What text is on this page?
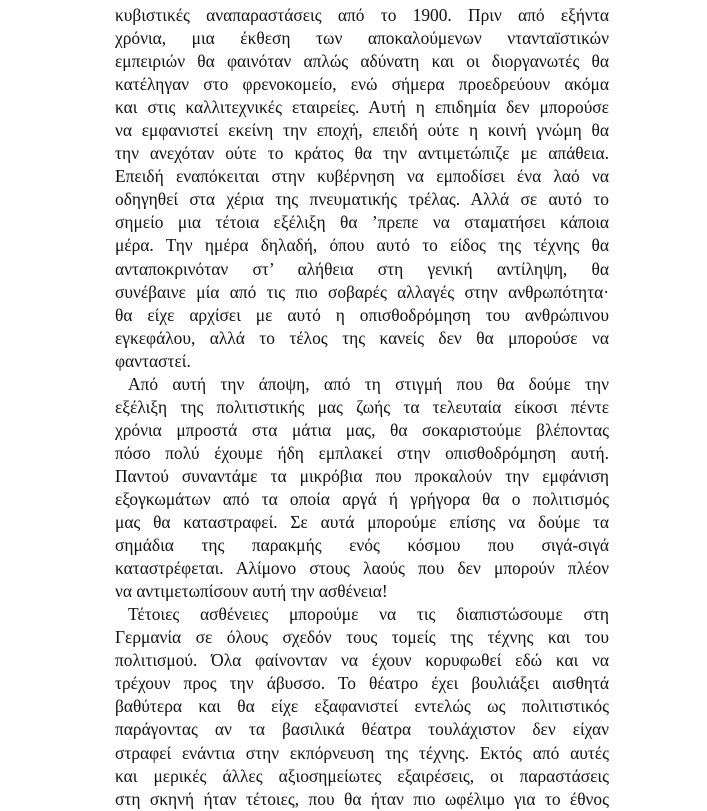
κυβιστικές αναπαραστάσεις από το 1900. Πριν από εξήντα
χρόνια, μια έκθεση των αποκαλούμενων ντανταïστικών
εμπειριών θα φαινόταν απλώς αδύνατη και οι διοργανωτές θα
κατέληγαν στο φρενοκομείο, ενώ σήμερα προεδρεύουν ακόμα
και στις καλλιτεχνικές εταιρείες. Αυτή η επιδημία δεν μπορούσε
να εμφανιστεί εκείνη την εποχή, επειδή ούτε η κοινή γνώμη θα
την ανεχόταν ούτε το κράτος θα την αντιμετώπιζε με απάθεια.
Επειδή εναπόκειται στην κυβέρνηση να εμποδίσει ένα λαό να
οδηγηθεί στα χέρια της πνευματικής τρέλας. Αλλά σε αυτό το
σημείο μια τέτοια εξέλιξη θα ’πρεπε να σταματήσει κάποια
μέρα. Την ημέρα δηλαδή, όπου αυτό το είδος της τέχνης θα
ανταποκρινόταν στ’ αλήθεια στη γενική αντίληψη, θα
συνέβαινε μία από τις πιο σοβαρές αλλαγές στην ανθρωπότητα·
θα είχε αρχίσει με αυτό η οπισθοδρόμηση του ανθρώπινου
εγκεφάλου, αλλά το τέλος της κανείς δεν θα μπορούσε να
φανταστεί.
Από αυτή την άποψη, από τη στιγμή που θα δούμε την
εξέλιξη της πολιτιστικής μας ζωής τα τελευταία είκοσι πέντε
χρόνια μπροστά στα μάτια μας, θα σοκαριστούμε βλέποντας
πόσο πολύ έχουμε ήδη εμπλακεί στην οπισθοδρόμηση αυτή.
Παντού συναντάμε τα μικρόβια που προκαλούν την εμφάνιση
εξογκωμάτων από τα οποία αργά ή γρήγορα θα ο πολιτισμός
μας θα καταστραφεί. Σε αυτά μπορούμε επίσης να δούμε τα
σημάδια της παρακμής ενός κόσμου που σιγά-σιγά
καταστρέφεται. Αλίμονο στους λαούς που δεν μπορούν πλέον
να αντιμετωπίσουν αυτή την ασθένεια!
Τέτοιες ασθένειες μπορούμε να τις διαπιστώσουμε στη
Γερμανία σε όλους σχεδόν τους τομείς της τέχνης και του
πολιτισμού. Όλα φαίνονταν να έχουν κορυφωθεί εδώ και να
τρέχουν προς την άβυσσο. Το θέατρο έχει βουλιάξει αισθητά
βαθύτερα και θα είχε εξαφανιστεί εντελώς ως πολιτιστικός
παράγοντας αν τα βασιλικά θέατρα τουλάχιστον δεν είχαν
στραφεί ενάντια στην εκπόρνευση της τέχνης. Εκτός από αυτές
και μερικές άλλες αξιοσημείωτες εξαιρέσεις, οι παραστάσεις
στη σκηνή ήταν τέτοιες, που θα ήταν πιο ωφέλιμο για το έθνος
